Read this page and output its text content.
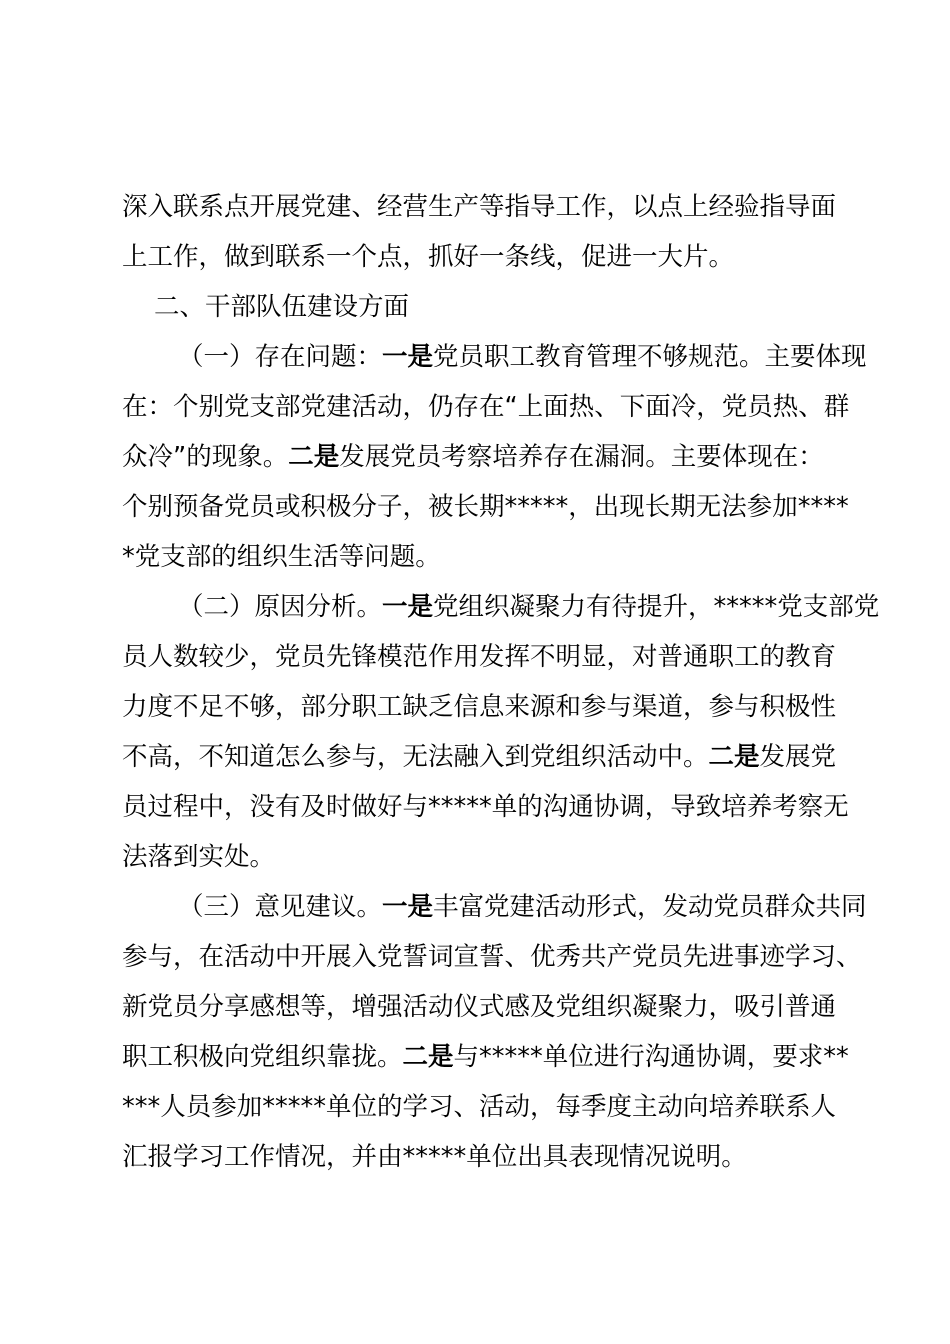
深入联系点开展党建、经营生产等指导工作，以点上经验指导面
上工作，做到联系一个点，抓好一条线，促进一大片。
二、干部队伍建设方面
（一）存在问题：一是党员职工教育管理不够规范。主要体现
在：个别党支部党建活动，仍存在“上面热、下面冷，党员热、群
众冷”的现象。二是发展党员考察培养存在漏洞。主要体现在：
个别预备党员或积极分子，被长期*****，出现长期无法参加****
*党支部的组织生活等问题。
（二）原因分析。一是党组织凝聚力有待提升，*****党支部党
员人数较少，党员先锋模范作用发挥不明显，对普通职工的教育
力度不足不够，部分职工缺乏信息来源和参与渠道，参与积极性
不高，不知道怎么参与，无法融入到党组织活动中。二是发展党
员过程中，没有及时做好与*****单的沟通协调，导致培养考察无
法落到实处。
（三）意见建议。一是丰富党建活动形式，发动党员群众共同
参与，在活动中开展入党誓词宣誓、优秀共产党员先进事迹学习、
新党员分享感想等，增强活动仪式感及党组织凝聚力，吸引普通
职工积极向党组织靠拢。二是与*****单位进行沟通协调，要求**
***人员参加*****单位的学习、活动，每季度主动向培养联系人
汇报学习工作情况，并由*****单位出具表现情况说明。
